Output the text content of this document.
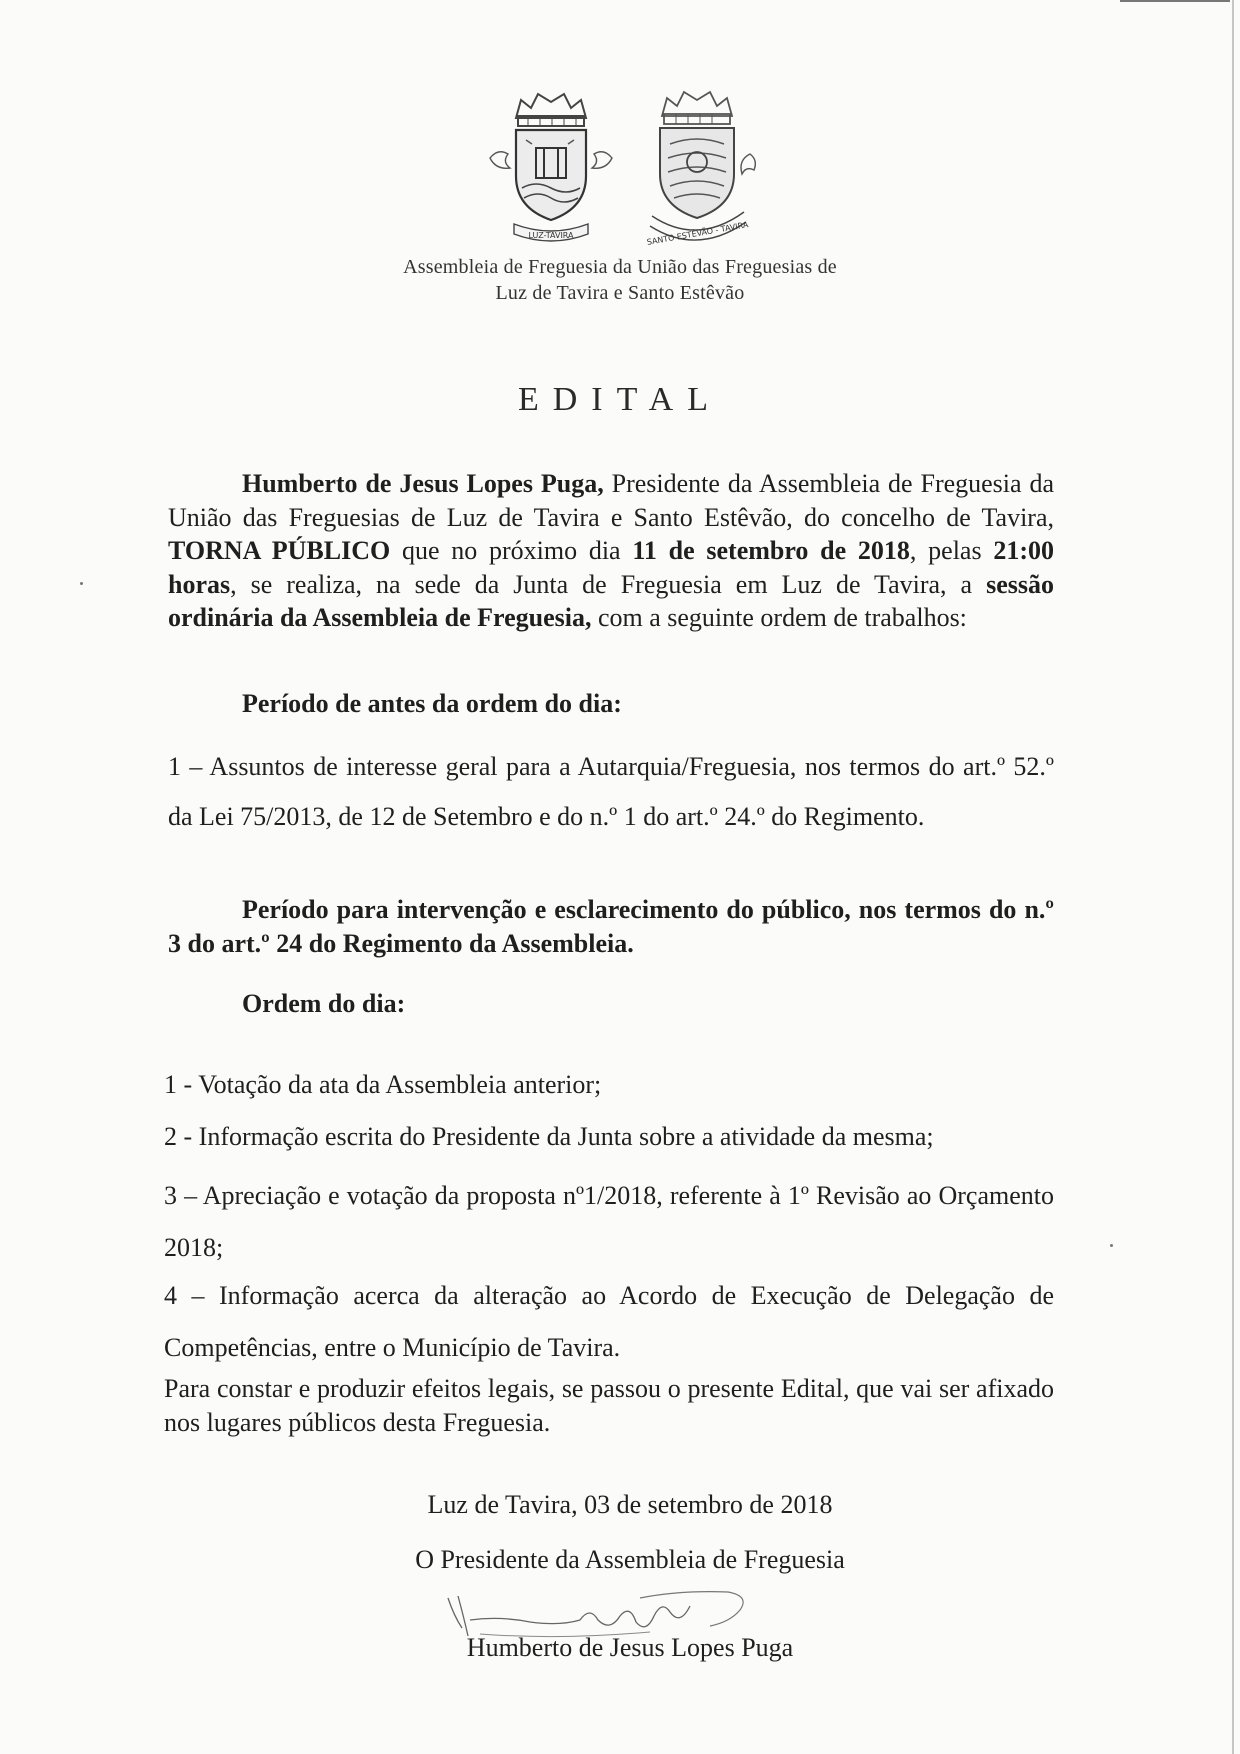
LUZ-TAVIRA	SANTO ESTÊVÃO - TAVIRA
Assembleia de Freguesia da União das Freguesias de
Luz de Tavira e Santo Estêvão
EDITAL
Humberto de Jesus Lopes Puga, Presidente da Assembleia de Freguesia da União das Freguesias de Luz de Tavira e Santo Estêvão, do concelho de Tavira, TORNA PÚBLICO que no próximo dia 11 de setembro de 2018, pelas 21:00 horas, se realiza, na sede da Junta de Freguesia em Luz de Tavira, a sessão ordinária da Assembleia de Freguesia, com a seguinte ordem de trabalhos:
Período de antes da ordem do dia:
1 – Assuntos de interesse geral para a Autarquia/Freguesia, nos termos do art.º 52.º da Lei 75/2013, de 12 de Setembro e do n.º 1 do art.º 24.º do Regimento.
Período para intervenção e esclarecimento do público, nos termos do n.º 3 do art.º 24 do Regimento da Assembleia.
Ordem do dia:
1 - Votação da ata da Assembleia anterior;
2 - Informação escrita do Presidente da Junta sobre a atividade da mesma;
3 – Apreciação e votação da proposta nº1/2018, referente à 1º Revisão ao Orçamento 2018;
4 – Informação acerca da alteração ao Acordo de Execução de Delegação de Competências, entre o Município de Tavira.
Para constar e produzir efeitos legais, se passou o presente Edital, que vai ser afixado nos lugares públicos desta Freguesia.
Luz de Tavira, 03 de setembro de 2018
O Presidente da Assembleia de Freguesia
Humberto de Jesus Lopes Puga
